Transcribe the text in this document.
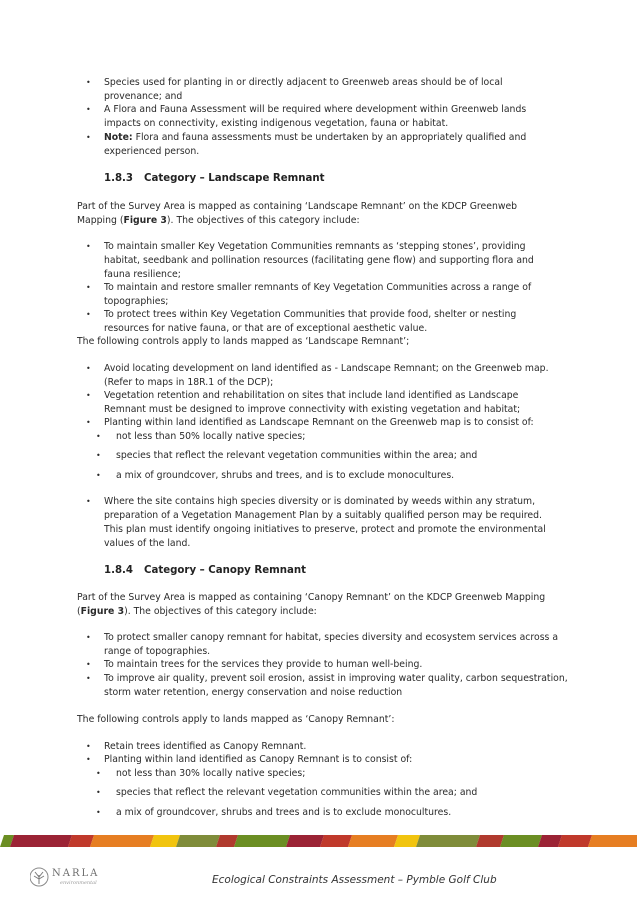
• Species used for planting in or directly adjacent to Greenweb areas should be of local
provenance; and
• A Flora and Fauna Assessment will be required where development within Greenweb lands
impacts on connectivity, existing indigenous vegetation, fauna or habitat.
• Note: Flora and fauna assessments must be undertaken by an appropriately qualified and
experienced person.
1.8.3 Category – Landscape Remnant
Part of the Survey Area is mapped as containing ‘Landscape Remnant’ on the KDCP Greenweb
Mapping (Figure 3). The objectives of this category include:
• To maintain smaller Key Vegetation Communities remnants as ‘stepping stones’, providing
habitat, seedbank and pollination resources (facilitating gene flow) and supporting flora and
fauna resilience;
• To maintain and restore smaller remnants of Key Vegetation Communities across a range of
topographies;
• To protect trees within Key Vegetation Communities that provide food, shelter or nesting
resources for native fauna, or that are of exceptional aesthetic value.
The following controls apply to lands mapped as ‘Landscape Remnant’;
• Avoid locating development on land identified as - Landscape Remnant; on the Greenweb map.
(Refer to maps in 18R.1 of the DCP);
• Vegetation retention and rehabilitation on sites that include land identified as Landscape
Remnant must be designed to improve connectivity with existing vegetation and habitat;
• Planting within land identified as Landscape Remnant on the Greenweb map is to consist of:
• not less than 50% locally native species;
• species that reflect the relevant vegetation communities within the area; and
• a mix of groundcover, shrubs and trees, and is to exclude monocultures.
• Where the site contains high species diversity or is dominated by weeds within any stratum,
preparation of a Vegetation Management Plan by a suitably qualified person may be required.
This plan must identify ongoing initiatives to preserve, protect and promote the environmental
values of the land.
1.8.4 Category – Canopy Remnant
Part of the Survey Area is mapped as containing ‘Canopy Remnant’ on the KDCP Greenweb Mapping
(Figure 3). The objectives of this category include:
• To protect smaller canopy remnant for habitat, species diversity and ecosystem services across a
range of topographies.
• To maintain trees for the services they provide to human well-being.
• To improve air quality, prevent soil erosion, assist in improving water quality, carbon sequestration,
storm water retention, energy conservation and noise reduction
The following controls apply to lands mapped as ‘Canopy Remnant’:
• Retain trees identified as Canopy Remnant.
• Planting within land identified as Canopy Remnant is to consist of:
• not less than 30% locally native species;
• species that reflect the relevant vegetation communities within the area; and
• a mix of groundcover, shrubs and trees and is to exclude monocultures.
NARLA
environmental	Ecological Constraints Assessment – Pymble Golf Club
